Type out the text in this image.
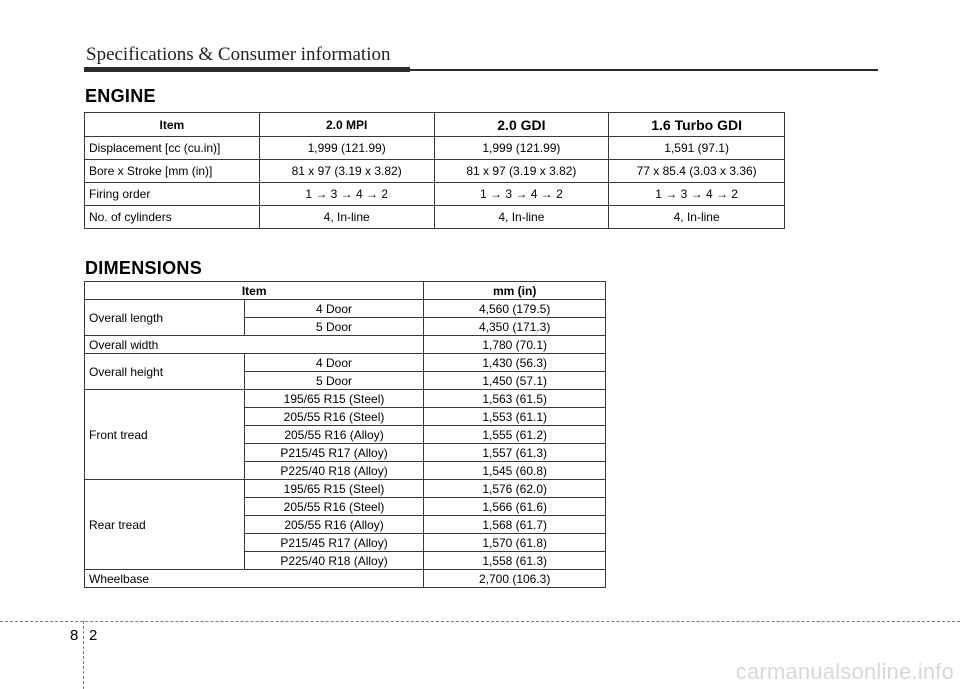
Specifications & Consumer information
ENGINE
Item	2.0 MPI	2.0 GDI	1.6 Turbo GDI
Displacement [cc (cu.in)]	1,999 (121.99)	1,999 (121.99)	1,591 (97.1)
Bore x Stroke [mm (in)]	81 x 97 (3.19 x 3.82)	81 x 97 (3.19 x 3.82)	77 x 85.4 (3.03 x 3.36)
Firing order	1 → 3 → 4 → 2	1 → 3 → 4 → 2	1 → 3 → 4 → 2
No. of cylinders	4, In-line	4, In-line	4, In-line
DIMENSIONS
Item		mm (in)
Overall length	4 Door	4,560 (179.5)
	5 Door	4,350 (171.3)
Overall width		1,780 (70.1)
Overall height	4 Door	1,430 (56.3)
	5 Door	1,450 (57.1)
Front tread	195/65 R15 (Steel)	1,563 (61.5)
	205/55 R16 (Steel)	1,553 (61.1)
	205/55 R16 (Alloy)	1,555 (61.2)
	P215/45 R17 (Alloy)	1,557 (61.3)
	P225/40 R18 (Alloy)	1,545 (60.8)
Rear tread	195/65 R15 (Steel)	1,576 (62.0)
	205/55 R16 (Steel)	1,566 (61.6)
	205/55 R16 (Alloy)	1,568 (61.7)
	P215/45 R17 (Alloy)	1,570 (61.8)
	P225/40 R18 (Alloy)	1,558 (61.3)
Wheelbase		2,700 (106.3)
8 2
carmanualsonline.info
